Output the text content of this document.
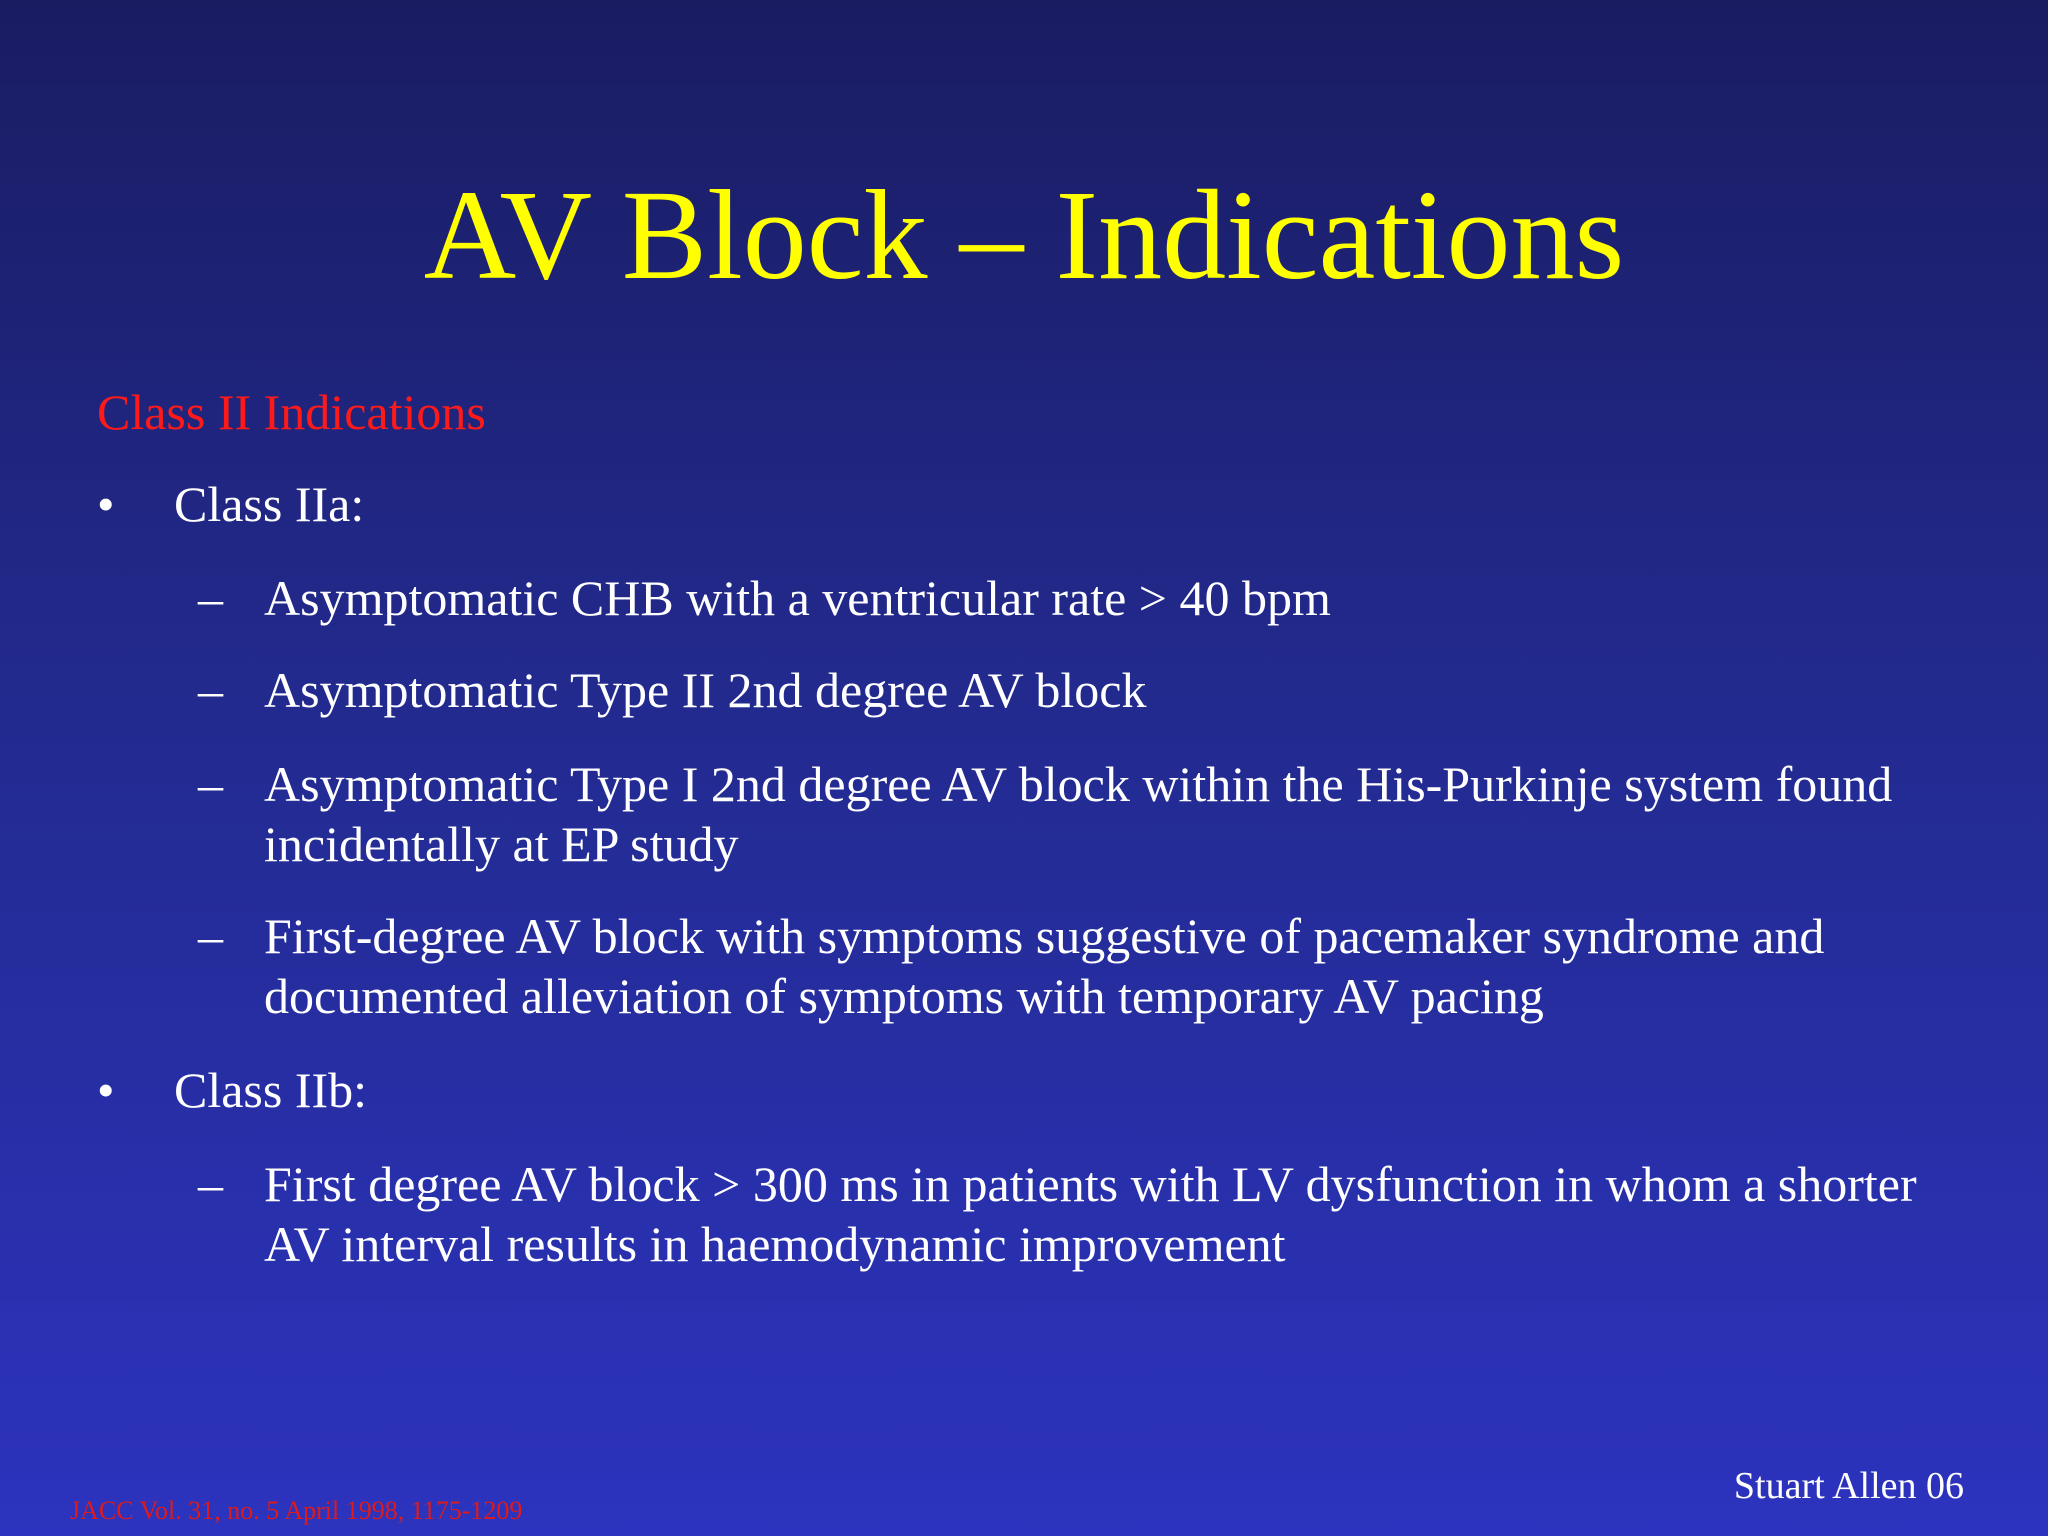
AV Block – Indications
Class II Indications
•	Class IIa:
– Asymptomatic CHB with a ventricular rate > 40 bpm
– Asymptomatic Type II 2nd degree AV block
– Asymptomatic Type I 2nd degree AV block within the His-Purkinje system found incidentally at EP study
– First-degree AV block with symptoms suggestive of pacemaker syndrome and documented alleviation of symptoms with temporary AV pacing
•	Class IIb:
– First degree AV block > 300 ms in patients with LV dysfunction in whom a shorter AV interval results in haemodynamic improvement
JACC Vol. 31, no. 5 April 1998, 1175-1209
Stuart Allen 06
